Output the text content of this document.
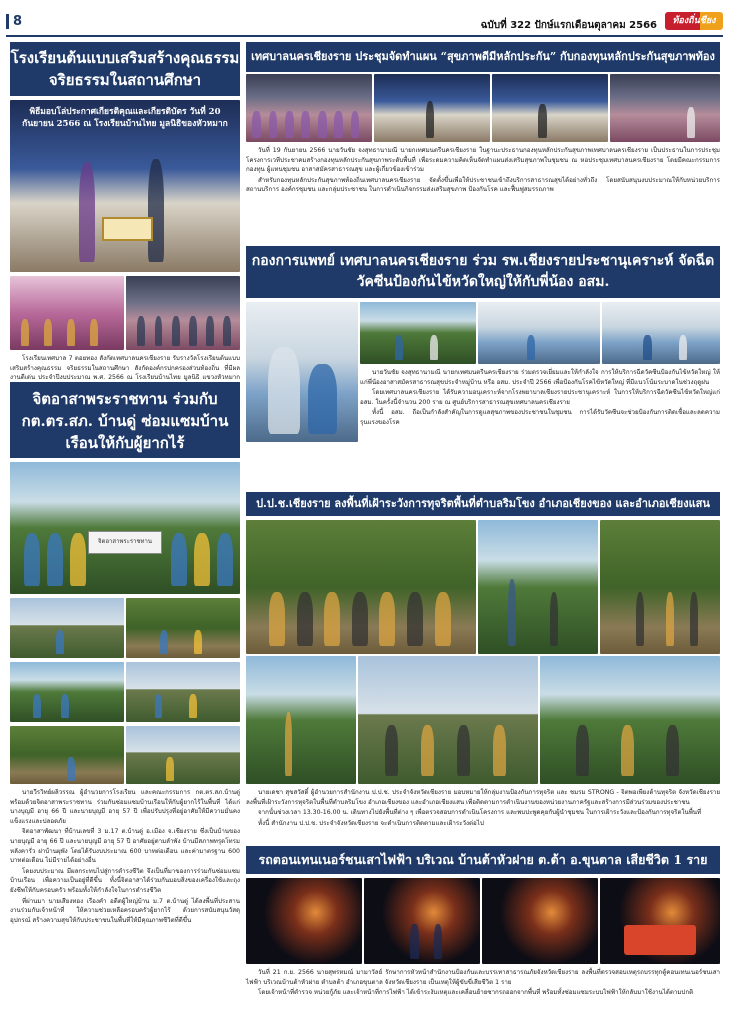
8	ฉบับที่ 322 ปักษ์แรกเดือนตุลาคม 2566	ท้องถิ่นชียง
โรงเรียนต้นแบบเสริมสร้างคุณธรรม จริยธรรมในสถานศึกษา
พิธีมอบโล่ประกาศเกียรติคุณและเกียรติบัตร วันที่ 20 กันยายน 2566 ณ โรงเรียนบ้านไทย มูลนิธิของหัวหมาก

โรงเรียนเทศบาล 7 ดอยทอง สังกัดเทศบาลนครเชียงราย รับรางวัลโรงเรียนต้นแบบเสริมสร้างคุณธรรม จริยธรรมในสถานศึกษา สังกัดองค์กรปกครองส่วนท้องถิ่น ที่มีผลงานดีเด่น ประจำปีงบประมาณ พ.ศ. 2566 ณ โรงเรียนบ้านไทย มูลนิธิ แขวงหัวหมาก

จิตอาสาพระราชทาน ร่วมกับ กต.ตร.สภ. บ้านดู่ ซ่อมแซมบ้านเรือนให้กับผู้ยากไร้
จิตอาสาพระราชทาน

นายวีรวิทย์ผลิวรรณ ผู้อำนวยการโรงเรียน และคณะกรรมการ กต.ตร.สภ.บ้านดู่ พร้อมด้วยจิตอาสาพระราชทาน ร่วมกันซ่อมแซมบ้านเรือนให้กับผู้ยากไร้ในพื้นที่ ได้แก่ นางบุญมี อายุ 66 ปี และนายบุญมี อายุ 57 ปี เพื่อปรับปรุงที่อยู่อาศัยให้มีความมั่นคงแข็งแรงและปลอดภัย

จิตอาสาพัฒนา ที่บ้านเลขที่ 3 ม.17 ต.บ้านดู่ อ.เมือง จ.เชียงราย ซึ่งเป็นบ้านของนายบุญมี อายุ 66 ปี และนายบุญมี อายุ 57 ปี อาศัยอยู่ตามลำพัง บ้านมีสภาพทรุดโทรมหลังคารั่ว ฝาบ้านผุพัง โดยได้รับงบประมาณ 600 บาทต่อเดือน และค่ามาตรฐาน 600 บาทต่อเดือน ไม่มีรายได้อย่างอื่น

โดยงบประมาณ มีผลกระทบไปสู่การดำรงชีวิต จึงเป็นที่มาของการร่วมกันซ่อมแซมบ้านเรือน เพื่อความเป็นอยู่ที่ดีขึ้น ทั้งนี้จิตอาสาได้ร่วมกันมอบสิ่งของเครื่องใช้และถุงยังชีพให้กับครอบครัว พร้อมทั้งให้กำลังใจในการดำรงชีวิต

ที่ผ่านมา นายเสียงทอง เรืองคำ อดีตผู้ใหญ่บ้าน ม.7 ต.บ้านดู่ ได้ลงพื้นที่ประสานงานร่วมกับเจ้าหน้าที่ ให้ความช่วยเหลือครอบครัวผู้ยากไร้ ด้วยการสนับสนุนวัสดุอุปกรณ์ สร้างความสุขให้กับประชาชนในพื้นที่ให้มีคุณภาพชีวิตที่ดีขึ้น

เทศบาลนครเชียงราย ประชุมจัดทำแผน “สุขภาพดีมีหลักประกัน” กับกองทุนหลักประกันสุขภาพท้อง

วันที่ 19 กันยายน 2566 นายวันชัย จงสุทธานามณี นายกเทศมนตรีนครเชียงราย ในฐานะประธานกองทุนหลักประกันสุขภาพเทศบาลนครเชียงราย เป็นประธานในการประชุมโครงการเวทีประชาคมสร้างกองทุนหลักประกันสุขภาพระดับพื้นที่ เพื่อระดมความคิดเห็นจัดทำแผนส่งเสริมสุขภาพในชุมชน ณ หอประชุมเทศบาลนครเชียงราย โดยมีคณะกรรมการกองทุน ผู้แทนชุมชน อาสาสมัครสาธารณสุข และผู้เกี่ยวข้องเข้าร่วม

สำหรับกองทุนหลักประกันสุขภาพท้องถิ่นเทศบาลนครเชียงราย จัดตั้งขึ้นเพื่อให้ประชาชนเข้าถึงบริการสาธารณสุขได้อย่างทั่วถึง โดยสนับสนุนงบประมาณให้กับหน่วยบริการ สถานบริการ องค์กรชุมชน และกลุ่มประชาชน ในการดำเนินกิจกรรมส่งเสริมสุขภาพ ป้องกันโรค และฟื้นฟูสมรรถภาพ

กองการแพทย์ เทศบาลนครเชียงราย ร่วม รพ.เชียงรายประชานุเคราะห์ จัดฉีดวัคซีนป้องกันไข้หวัดใหญ่ให้กับพี่น้อง อสม.

นายวันชัย จงสุทธานามณี นายกเทศมนตรีนครเชียงราย ร่วมตรวจเยี่ยมและให้กำลังใจ การให้บริการฉีดวัคซีนป้องกันไข้หวัดใหญ่ ให้แก่พี่น้องอาสาสมัครสาธารณสุขประจำหมู่บ้าน หรือ อสม. ประจำปี 2566 เพื่อป้องกันโรคไข้หวัดใหญ่ ที่มีแนวโน้มระบาดในช่วงฤดูฝน

โดยเทศบาลนครเชียงราย ได้รับความอนุเคราะห์จากโรงพยาบาลเชียงรายประชานุเคราะห์ ในการให้บริการฉีดวัคซีนไข้หวัดใหญ่แก่ อสม. ในครั้งนี้จำนวน 200 ราย ณ ศูนย์บริการสาธารณสุขเทศบาลนครเชียงราย

ทั้งนี้ อสม. ถือเป็นกำลังสำคัญในการดูแลสุขภาพของประชาชนในชุมชน การได้รับวัคซีนจะช่วยป้องกันการติดเชื้อและลดความรุนแรงของโรค

ป.ป.ช.เชียงราย ลงพื้นที่เฝ้าระวังการทุจริตพื้นที่ตำบลริมโขง อำเภอเชียงของ และอำเภอเชียงแสน

นายเดชา สุขสวัสดิ์ ผู้อำนวยการสำนักงาน ป.ป.ช. ประจำจังหวัดเชียงราย มอบหมายให้กลุ่มงานป้องกันการทุจริต และ ชมรม STRONG - จิตพอเพียงต้านทุจริต จังหวัดเชียงราย ลงพื้นที่เฝ้าระวังการทุจริตในพื้นที่ตำบลริมโขง อำเภอเชียงของ และอำเภอเชียงแสน เพื่อติดตามการดำเนินงานของหน่วยงานภาครัฐและสร้างการมีส่วนร่วมของประชาชน

จากนั้นช่วงเวลา 13.30-16.00 น. เดินทางไปยังพื้นที่ต่าง ๆ เพื่อตรวจสอบการดำเนินโครงการ และพบปะพูดคุยกับผู้นำชุมชน ในการเฝ้าระวังและป้องกันการทุจริตในพื้นที่

ทั้งนี้ สำนักงาน ป.ป.ช. ประจำจังหวัดเชียงราย จะดำเนินการติดตามและเฝ้าระวังต่อไป

รถตอนเทนเนอร์ชนเสาไฟฟ้า บริเวณ บ้านต้าหัวฝาย ต.ต้า อ.ขุนตาล เสียชีวิต 1 ราย

วันที่ 21 ก.ย. 2566 นายสุพรหมณ์ มามาวัลย์ รักษาการหัวหน้าสำนักงานป้องกันและบรรเทาสาธารณภัยจังหวัดเชียงราย ลงพื้นที่ตรวจสอบเหตุรถบรรทุกตู้คอนเทนเนอร์ชนเสาไฟฟ้า บริเวณบ้านต้าหัวฝาย ตำบลต้า อำเภอขุนตาล จังหวัดเชียงราย เป็นเหตุให้ผู้ขับขี่เสียชีวิต 1 ราย

โดยเจ้าหน้าที่ตำรวจ หน่วยกู้ภัย และเจ้าหน้าที่การไฟฟ้า ได้เข้าระงับเหตุและเคลื่อนย้ายซากรถออกจากพื้นที่ พร้อมทั้งซ่อมแซมระบบไฟฟ้าให้กลับมาใช้งานได้ตามปกติ
